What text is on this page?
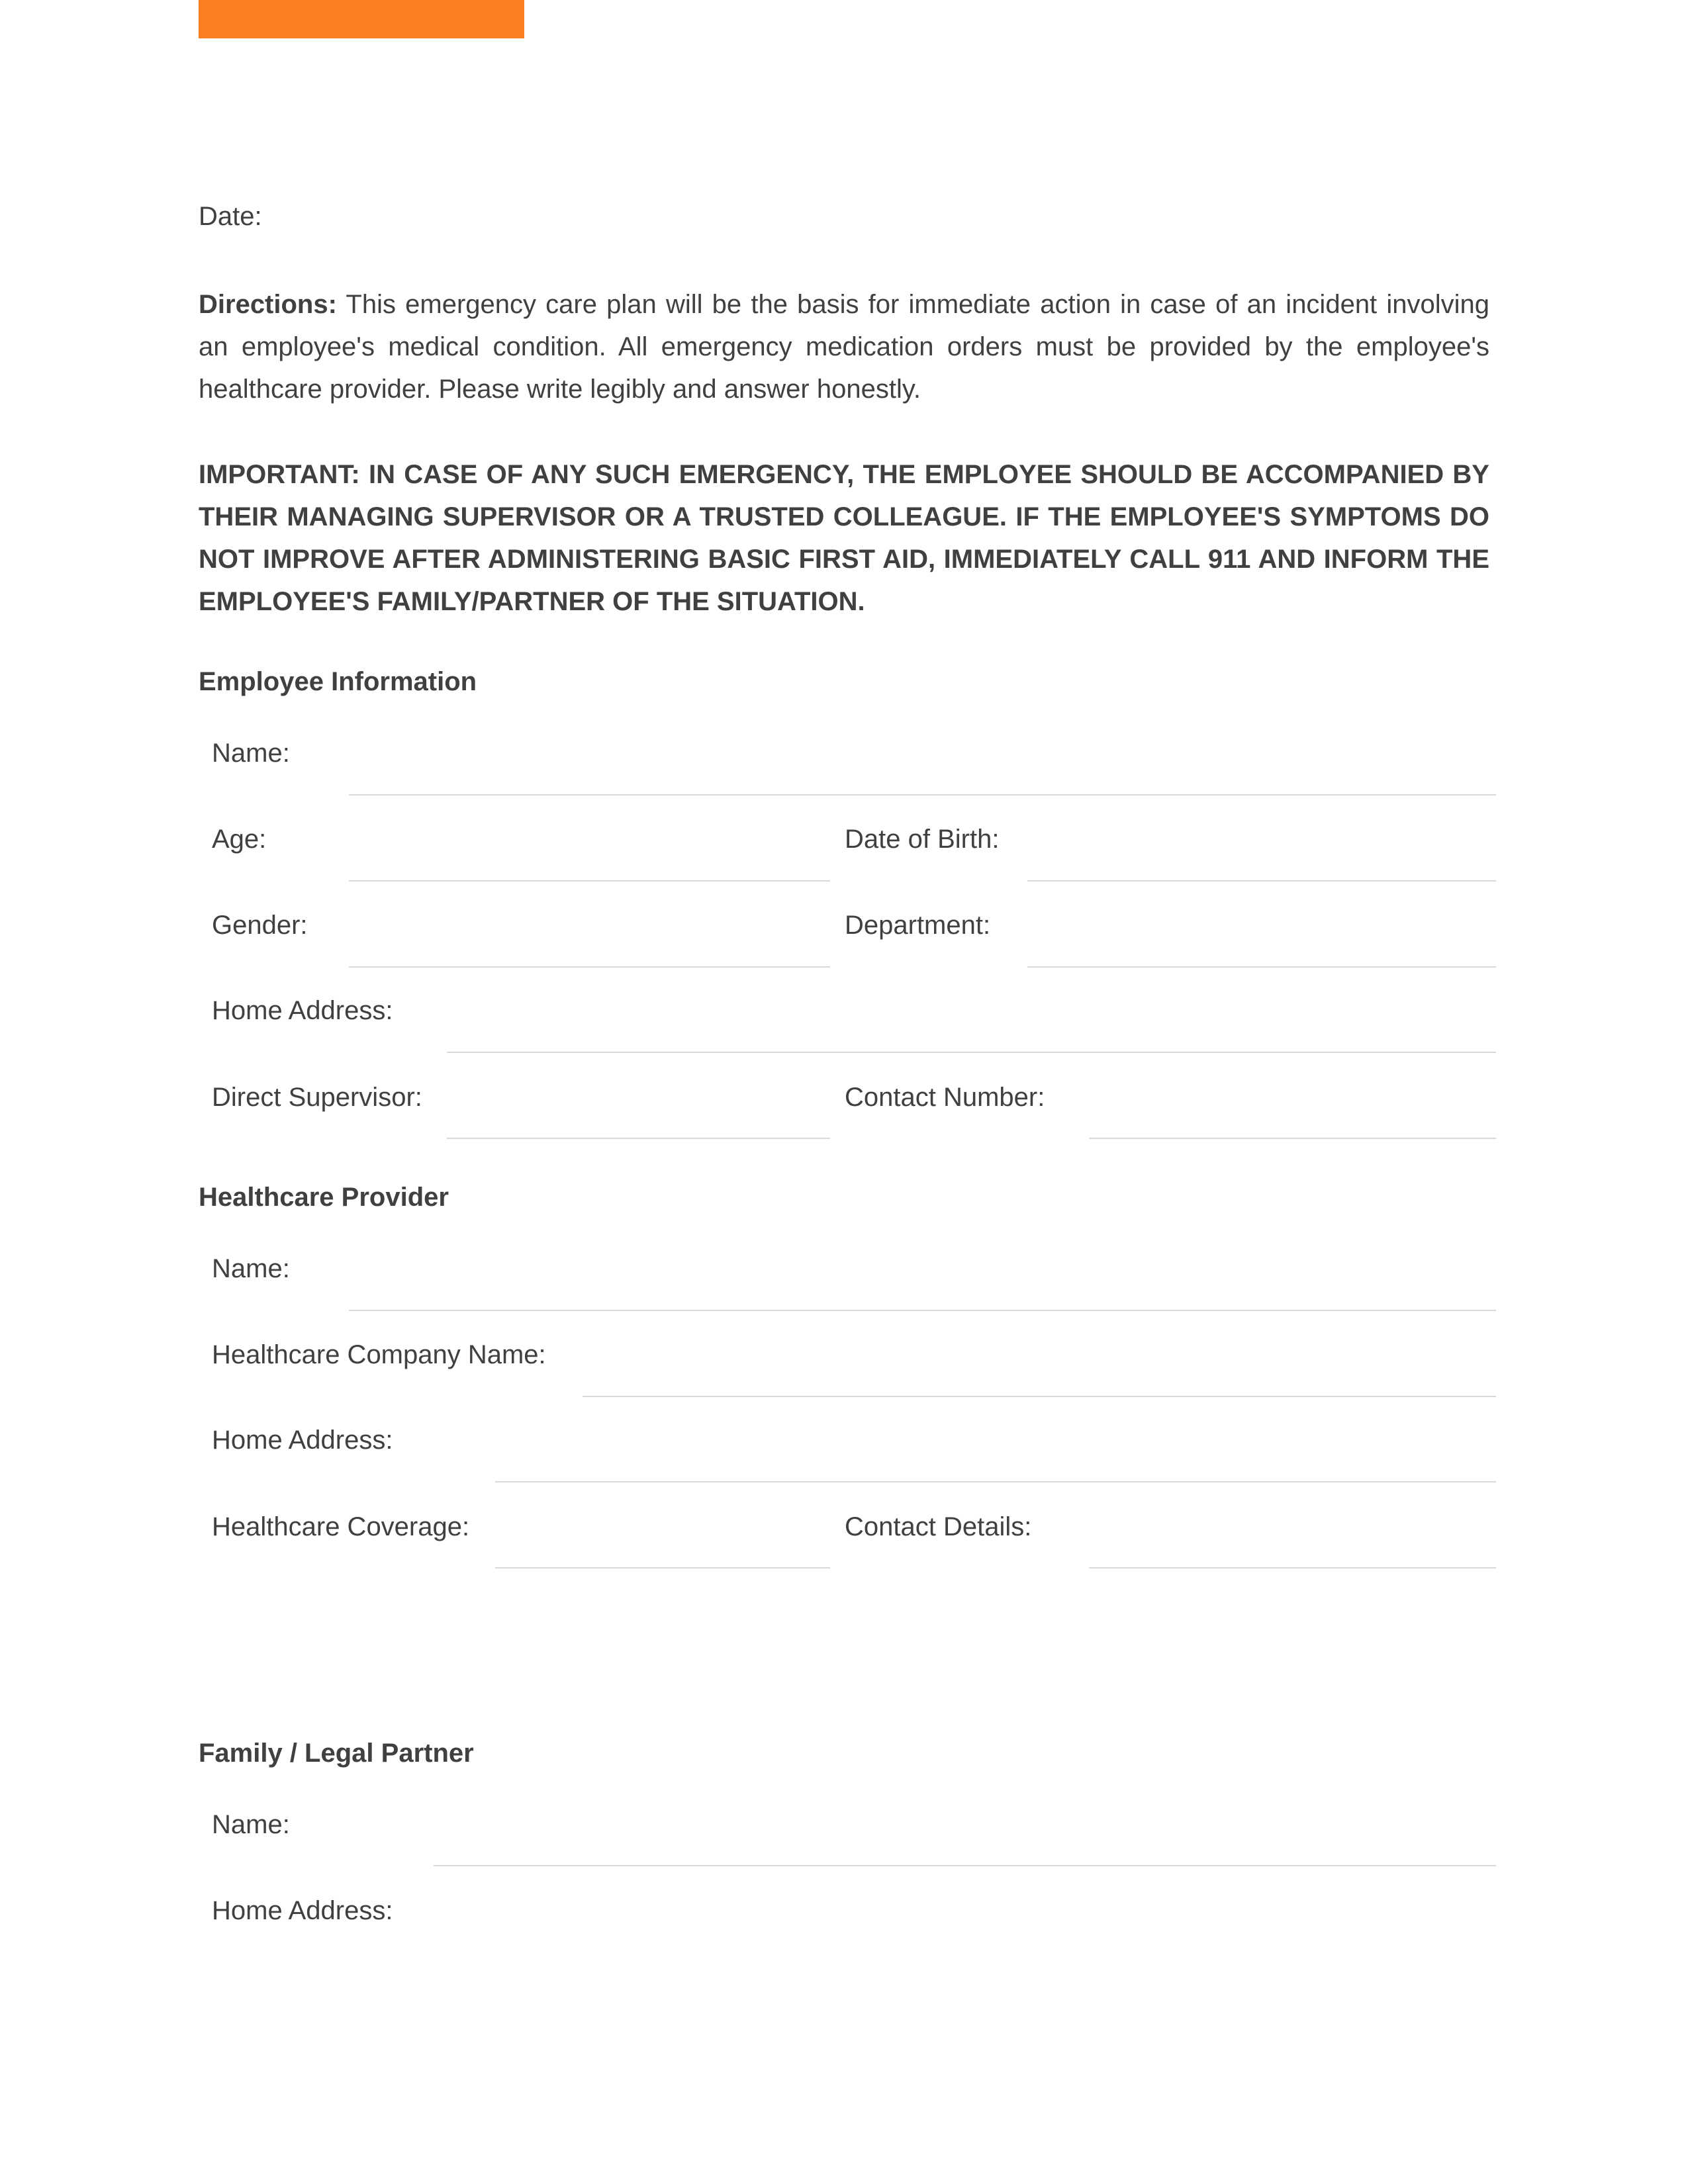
Date:
Directions: This emergency care plan will be the basis for immediate action in case of an incident involving an employee's medical condition. All emergency medication orders must be provided by the employee's healthcare provider. Please write legibly and answer honestly.
IMPORTANT: IN CASE OF ANY SUCH EMERGENCY, THE EMPLOYEE SHOULD BE ACCOMPANIED BY THEIR MANAGING SUPERVISOR OR A TRUSTED COLLEAGUE. IF THE EMPLOYEE'S SYMPTOMS DO NOT IMPROVE AFTER ADMINISTERING BASIC FIRST AID, IMMEDIATELY CALL 911 AND INFORM THE EMPLOYEE'S FAMILY/PARTNER OF THE SITUATION.
Employee Information
Name:
Age:	Date of Birth:
Gender:	Department:
Home Address:
Direct Supervisor:	Contact Number:
Healthcare Provider
Name:
Healthcare Company Name:
Home Address:
Healthcare Coverage:	Contact Details:
Family / Legal Partner
Name:
Home Address:
